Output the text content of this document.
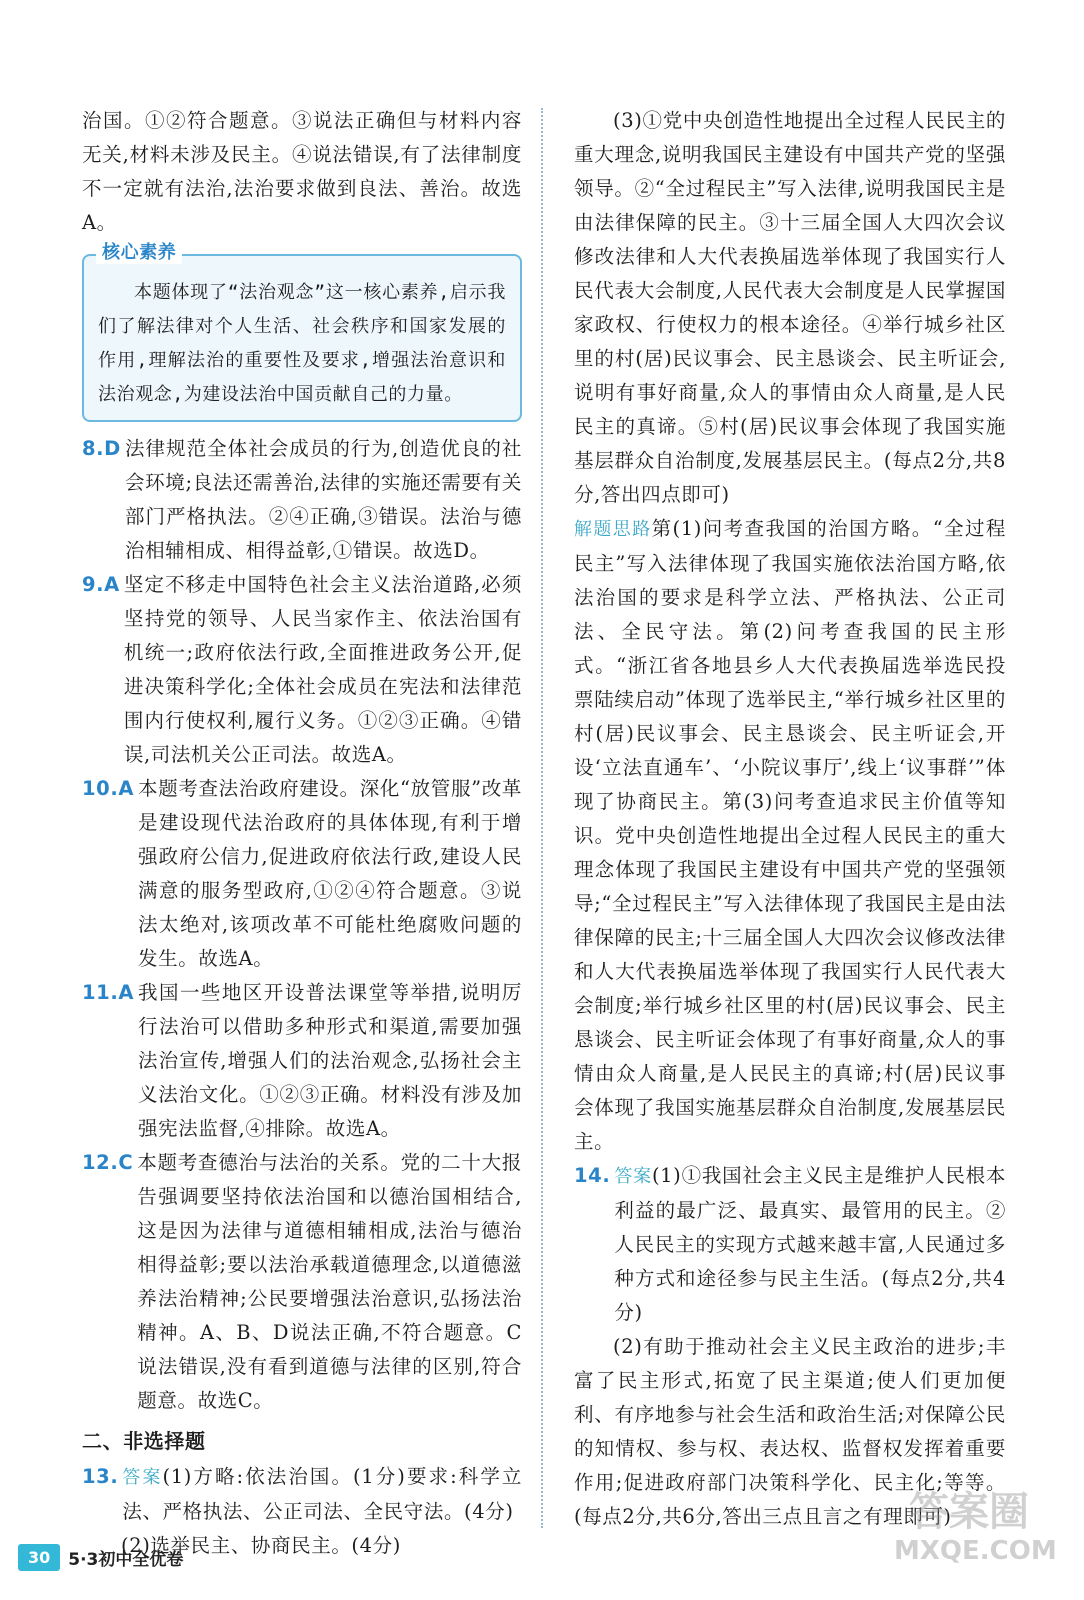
治国。①②符合题意。③说法正确但与材料内容无关,材料未涉及民主。④说法错误,有了法律制度不一定就有法治,法治要求做到良法、善治。故选A。

核心素养

本题体现了“法治观念”这一核心素养,启示我们了解法律对个人生活、社会秩序和国家发展的作用,理解法治的重要性及要求,增强法治意识和法治观念,为建设法治中国贡献自己的力量。

8.D 法律规范全体社会成员的行为,创造优良的社会环境;良法还需善治,法律的实施还需要有关部门严格执法。②④正确,③错误。法治与德治相辅相成、相得益彰,①错误。故选D。
9.A 坚定不移走中国特色社会主义法治道路,必须坚持党的领导、人民当家作主、依法治国有机统一;政府依法行政,全面推进政务公开,促进决策科学化;全体社会成员在宪法和法律范围内行使权利,履行义务。①②③正确。④错误,司法机关公正司法。故选A。
10.A 本题考查法治政府建设。深化“放管服”改革是建设现代法治政府的具体体现,有利于增强政府公信力,促进政府依法行政,建设人民满意的服务型政府,①②④符合题意。③说法太绝对,该项改革不可能杜绝腐败问题的发生。故选A。
11.A 我国一些地区开设普法课堂等举措,说明厉行法治可以借助多种形式和渠道,需要加强法治宣传,增强人们的法治观念,弘扬社会主义法治文化。①②③正确。材料没有涉及加强宪法监督,④排除。故选A。
12.C 本题考查德治与法治的关系。党的二十大报告强调要坚持依法治国和以德治国相结合,这是因为法律与道德相辅相成,法治与德治相得益彰;要以法治承载道德理念,以道德滋养法治精神;公民要增强法治意识,弘扬法治精神。A、B、D说法正确,不符合题意。C说法错误,没有看到道德与法律的区别,符合题意。故选C。
二、非选择题
13. 答案(1)方略:依法治国。(1分)要求:科学立法、严格执法、公正司法、全民守法。(4分)

(2)选举民主、协商民主。(4分)

(3)①党中央创造性地提出全过程人民民主的重大理念,说明我国民主建设有中国共产党的坚强领导。②“全过程民主”写入法律,说明我国民主是由法律保障的民主。③十三届全国人大四次会议修改法律和人大代表换届选举体现了我国实行人民代表大会制度,人民代表大会制度是人民掌握国家政权、行使权力的根本途径。④举行城乡社区里的村(居)民议事会、民主恳谈会、民主听证会,说明有事好商量,众人的事情由众人商量,是人民民主的真谛。⑤村(居)民议事会体现了我国实施基层群众自治制度,发展基层民主。(每点2分,共8分,答出四点即可)

解题思路第(1)问考查我国的治国方略。“全过程民主”写入法律体现了我国实施依法治国方略,依法治国的要求是科学立法、严格执法、公正司法、全民守法。第(2)问考查我国的民主形式。“浙江省各地县乡人大代表换届选举选民投票陆续启动”体现了选举民主,“举行城乡社区里的村(居)民议事会、民主恳谈会、民主听证会,开设‘立法直通车’、‘小院议事厅’,线上‘议事群’”体现了协商民主。第(3)问考查追求民主价值等知识。党中央创造性地提出全过程人民民主的重大理念体现了我国民主建设有中国共产党的坚强领导;“全过程民主”写入法律体现了我国民主是由法律保障的民主;十三届全国人大四次会议修改法律和人大代表换届选举体现了我国实行人民代表大会制度;举行城乡社区里的村(居)民议事会、民主恳谈会、民主听证会体现了有事好商量,众人的事情由众人商量,是人民民主的真谛;村(居)民议事会体现了我国实施基层群众自治制度,发展基层民主。

14. 答案(1)①我国社会主义民主是维护人民根本利益的最广泛、最真实、最管用的民主。②人民民主的实现方式越来越丰富,人民通过多种方式和途径参与民主生活。(每点2分,共4分)

(2)有助于推动社会主义民主政治的进步;丰富了民主形式,拓宽了民主渠道;使人们更加便利、有序地参与社会生活和政治生活;对保障公民的知情权、参与权、表达权、监督权发挥着重要作用;促进政府部门决策科学化、民主化;等等。(每点2分,共6分,答出三点且言之有理即可)

30	5·3初中全优卷
答案圈
MXQE.COM
